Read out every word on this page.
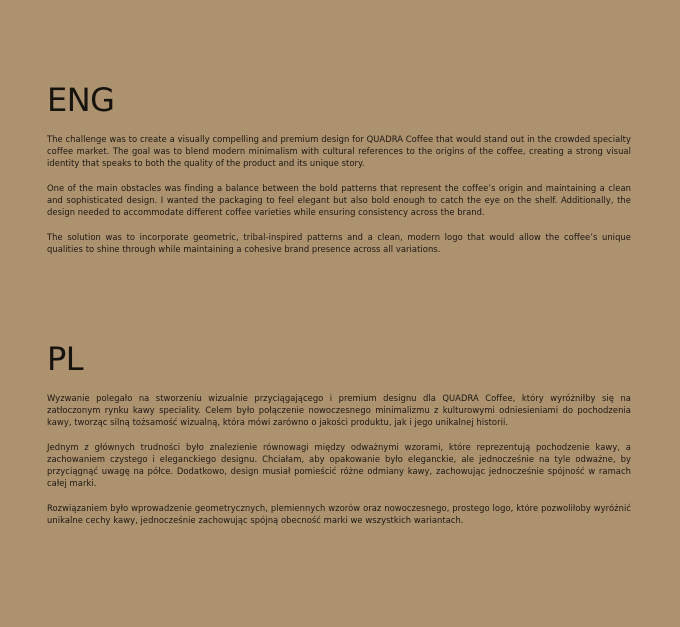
ENG

The challenge was to create a visually compelling and premium design for QUADRA Coffee that would stand out in the crowded specialty coffee market. The goal was to blend modern minimalism with cultural references to the origins of the coffee, creating a strong visual identity that speaks to both the quality of the product and its unique story.

One of the main obstacles was finding a balance between the bold patterns that represent the coffee’s origin and maintaining a clean and sophisticated design. I wanted the packaging to feel elegant but also bold enough to catch the eye on the shelf. Additionally, the design needed to accommodate different coffee varieties while ensuring consistency across the brand.

The solution was to incorporate geometric, tribal-inspired patterns and a clean, modern logo that would allow the coffee’s unique qualities to shine through while maintaining a cohesive brand presence across all variations.

PL

Wyzwanie polegało na stworzeniu wizualnie przyciągającego i premium designu dla QUADRA Coffee, który wyróżniłby się na zatłoczonym rynku kawy speciality. Celem było połączenie nowoczesnego minimalizmu z kulturowymi odniesieniami do pochodzenia kawy, tworząc silną tożsamość wizualną, która mówi zarówno o jakości produktu, jak i jego unikalnej historii.

Jednym z głównych trudności było znalezienie równowagi między odważnymi wzorami, które reprezentują pochodzenie kawy, a zachowaniem czystego i eleganckiego designu. Chciałam, aby opakowanie było eleganckie, ale jednocześnie na tyle odważne, by przyciągnąć uwagę na półce. Dodatkowo, design musiał pomieścić różne odmiany kawy, zachowując jednocześnie spójność w ramach całej marki.

Rozwiązaniem było wprowadzenie geometrycznych, plemiennych wzorów oraz nowoczesnego, prostego logo, które pozwoliłoby wyróżnić unikalne cechy kawy, jednocześnie zachowując spójną obecność marki we wszystkich wariantach.
